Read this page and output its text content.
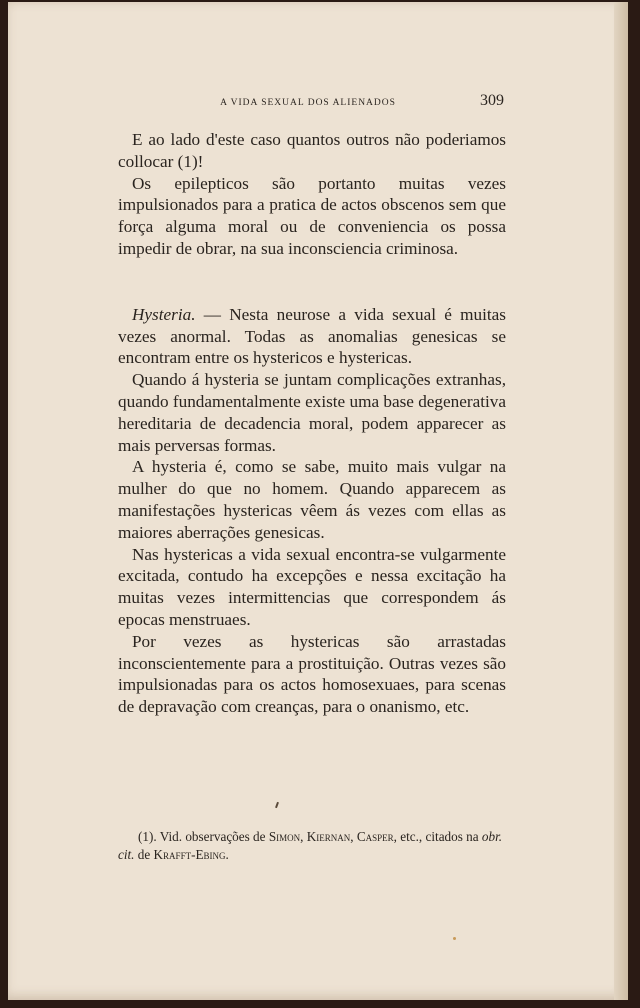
A VIDA SEXUAL DOS ALIENADOS	309

E ao lado d'este caso quantos outros não poderiamos collocar (1)!

Os epilepticos são portanto muitas vezes impulsionados para a pratica de actos obscenos sem que força alguma moral ou de conveniencia os possa impedir de obrar, na sua inconsciencia criminosa.

Hysteria. — Nesta neurose a vida sexual é muitas vezes anormal. Todas as anomalias genesicas se encontram entre os hystericos e hystericas.

Quando á hysteria se juntam complicações extranhas, quando fundamentalmente existe uma base degenerativa hereditaria de decadencia moral, podem apparecer as mais perversas formas.

A hysteria é, como se sabe, muito mais vulgar na mulher do que no homem. Quando apparecem as manifestações hystericas vêem ás vezes com ellas as maiores aberrações genesicas.

Nas hystericas a vida sexual encontra-se vulgarmente excitada, contudo ha excepções e nessa excitação ha muitas vezes intermittencias que correspondem ás epocas menstruaes.

Por vezes as hystericas são arrastadas inconscientemente para a prostituição. Outras vezes são impulsionadas para os actos homosexuaes, para scenas de depravação com creanças, para o onanismo, etc.

(1). Vid. observações de Simon, Kiernan, Casper, etc., citados na obr. cit. de Krafft-Ebing.
